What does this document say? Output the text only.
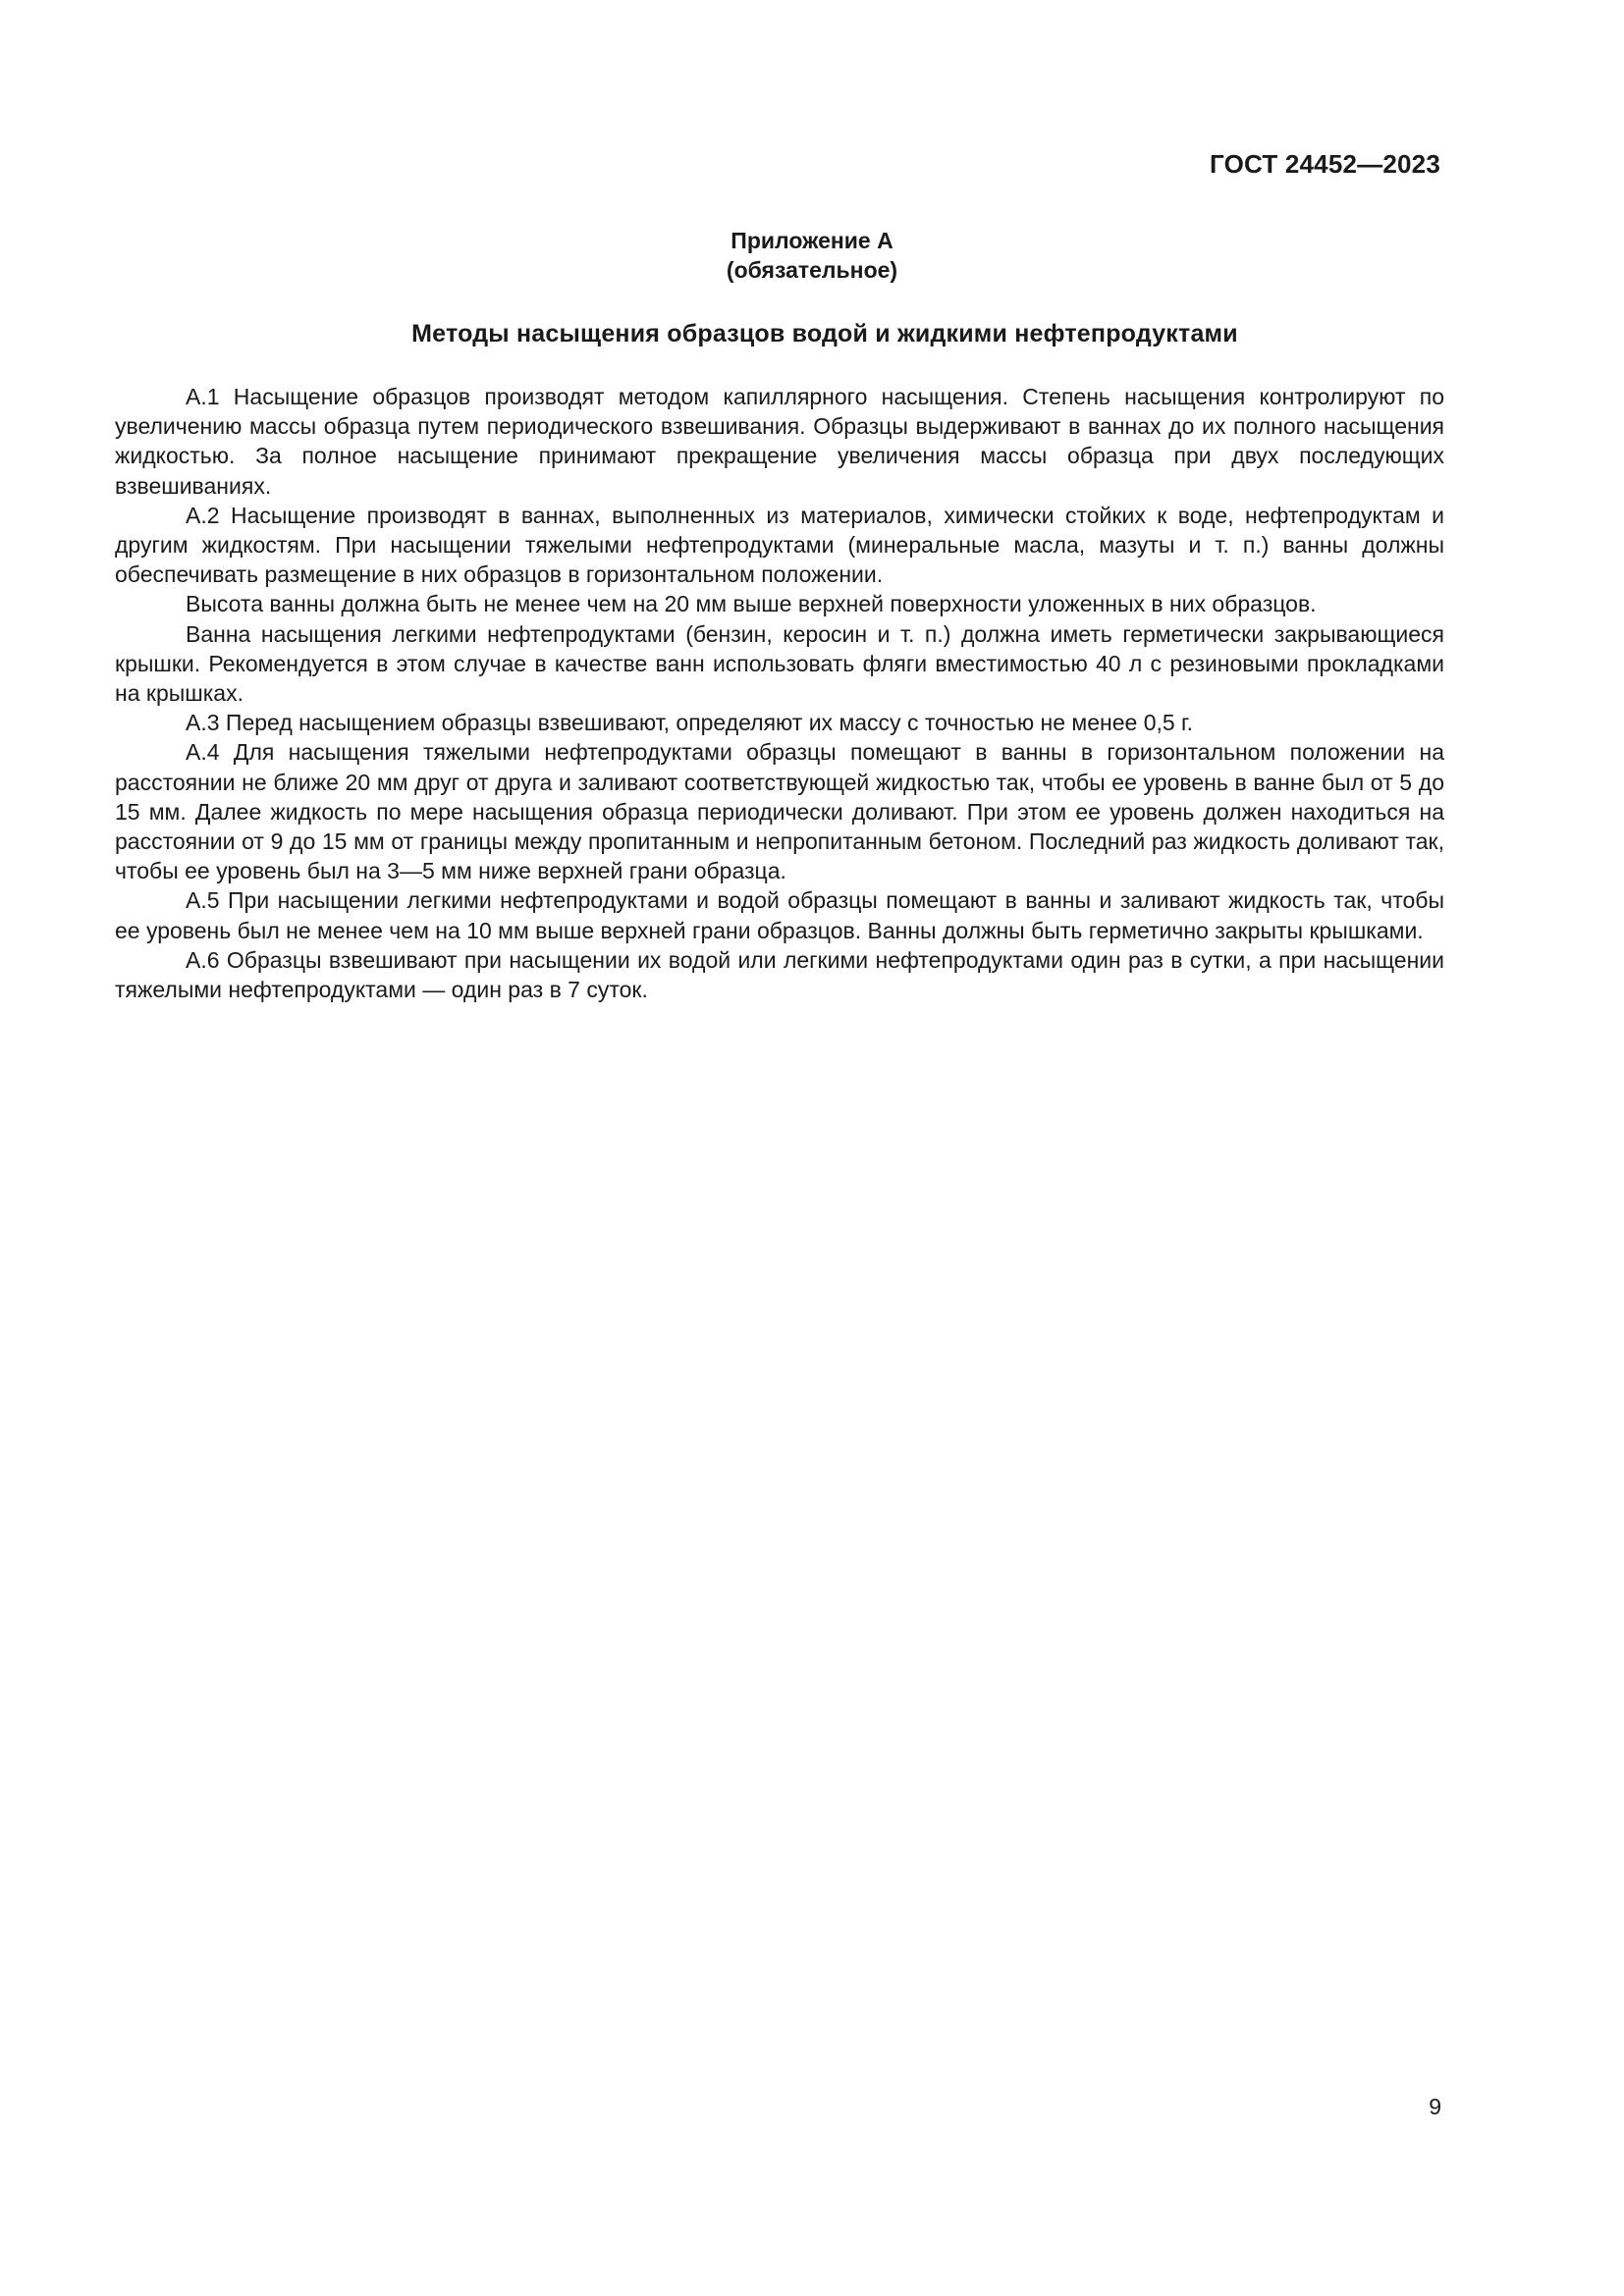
ГОСТ 24452—2023
Приложение А
(обязательное)
Методы насыщения образцов водой и жидкими нефтепродуктами

А.1 Насыщение образцов производят методом капиллярного насыщения. Степень насыщения контролируют по увеличению массы образца путем периодического взвешивания. Образцы выдерживают в ваннах до их полного насыщения жидкостью. За полное насыщение принимают прекращение увеличения массы образца при двух последующих взвешиваниях.

А.2 Насыщение производят в ваннах, выполненных из материалов, химически стойких к воде, нефтепродуктам и другим жидкостям. При насыщении тяжелыми нефтепродуктами (минеральные масла, мазуты и т. п.) ванны должны обеспечивать размещение в них образцов в горизонтальном положении.

Высота ванны должна быть не менее чем на 20 мм выше верхней поверхности уложенных в них образцов.

Ванна насыщения легкими нефтепродуктами (бензин, керосин и т. п.) должна иметь герметически закрывающиеся крышки. Рекомендуется в этом случае в качестве ванн использовать фляги вместимостью 40 л с резиновыми прокладками на крышках.

А.3 Перед насыщением образцы взвешивают, определяют их массу с точностью не менее 0,5 г.

А.4 Для насыщения тяжелыми нефтепродуктами образцы помещают в ванны в горизонтальном положении на расстоянии не ближе 20 мм друг от друга и заливают соответствующей жидкостью так, чтобы ее уровень в ванне был от 5 до 15 мм. Далее жидкость по мере насыщения образца периодически доливают. При этом ее уровень должен находиться на расстоянии от 9 до 15 мм от границы между пропитанным и непропитанным бетоном. Последний раз жидкость доливают так, чтобы ее уровень был на 3—5 мм ниже верхней грани образца.

А.5 При насыщении легкими нефтепродуктами и водой образцы помещают в ванны и заливают жидкость так, чтобы ее уровень был не менее чем на 10 мм выше верхней грани образцов. Ванны должны быть герметично закрыты крышками.

А.6 Образцы взвешивают при насыщении их водой или легкими нефтепродуктами один раз в сутки, а при насыщении тяжелыми нефтепродуктами — один раз в 7 суток.

9
